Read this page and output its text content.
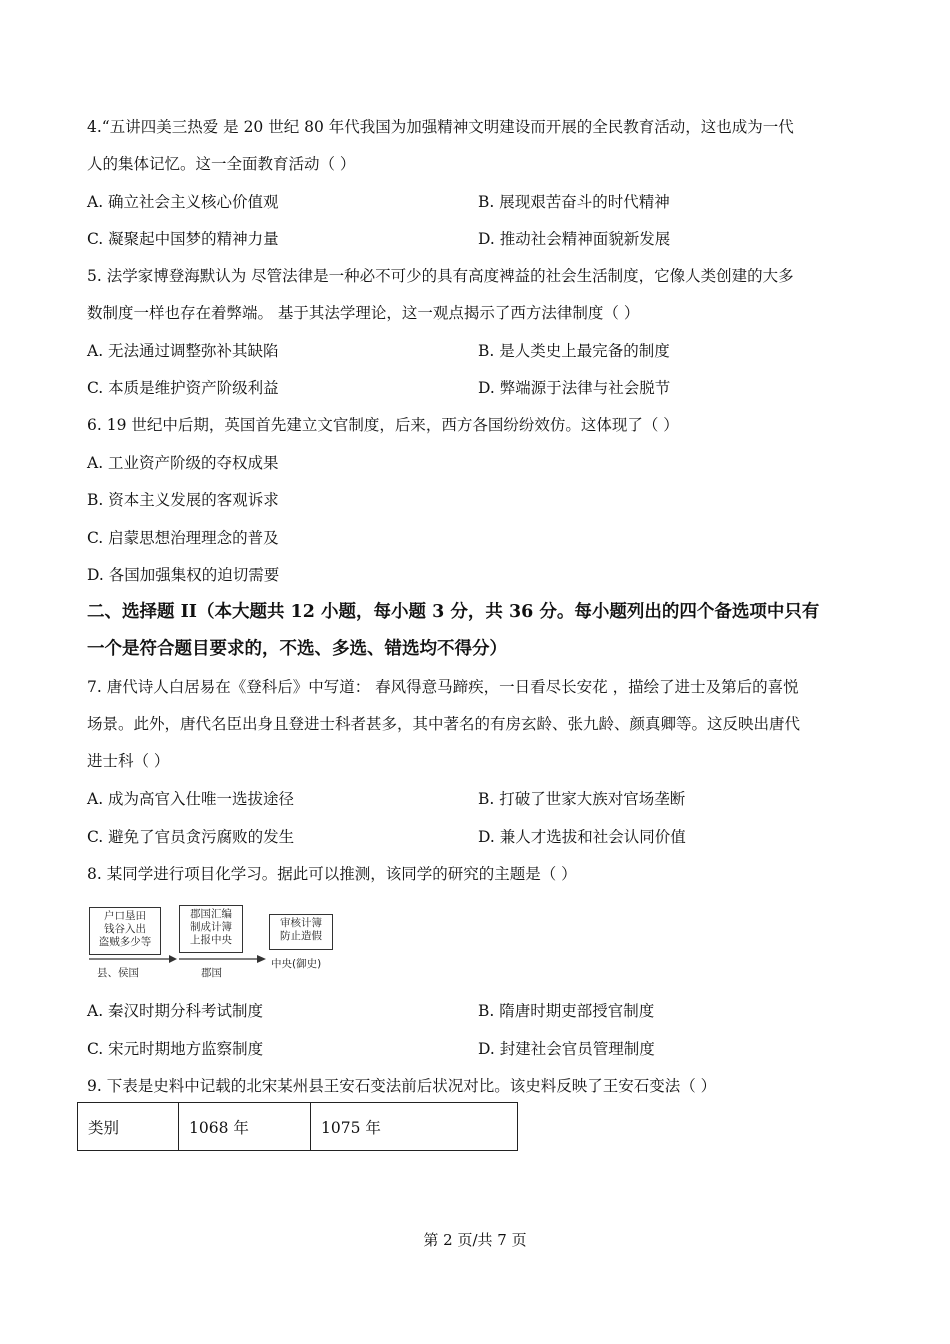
4.“五讲四美三热爱 是 20 世纪 80 年代我国为加强精神文明建设而开展的全民教育活动，这也成为一代
人的集体记忆。这一全面教育活动（ ）
A. 确立社会主义核心价值观	B. 展现艰苦奋斗的时代精神
C. 凝聚起中国梦的精神力量	D. 推动社会精神面貌新发展
5. 法学家博登海默认为 尽管法律是一种必不可少的具有高度裨益的社会生活制度，它像人类创建的大多
数制度一样也存在着弊端。 基于其法学理论，这一观点揭示了西方法律制度（ ）
A. 无法通过调整弥补其缺陷	B. 是人类史上最完备的制度
C. 本质是维护资产阶级利益	D. 弊端源于法律与社会脱节
6. 19 世纪中后期，英国首先建立文官制度，后来，西方各国纷纷效仿。这体现了（ ）
A. 工业资产阶级的夺权成果
B. 资本主义发展的客观诉求
C. 启蒙思想治理理念的普及
D. 各国加强集权的迫切需要
二、选择题 II（本大题共 12 小题，每小题 3 分，共 36 分。每小题列出的四个备选项中只有
一个是符合题目要求的，不选、多选、错选均不得分）
7. 唐代诗人白居易在《登科后》中写道： 春风得意马蹄疾，一日看尽长安花 ，描绘了进士及第后的喜悦
场景。此外，唐代名臣出身且登进士科者甚多，其中著名的有房玄龄、张九龄、颜真卿等。这反映出唐代
进士科（ ）
A. 成为高官入仕唯一选拔途径	B. 打破了世家大族对官场垄断
C. 避免了官员贪污腐败的发生	D. 兼人才选拔和社会认同价值
8. 某同学进行项目化学习。据此可以推测，该同学的研究的主题是（ ）
户口垦田
钱谷入出
盗贼多少等
郡国汇编
制成计簿
上报中央
审核计簿
防止造假
县、侯国	郡国
中央(御史)
A. 秦汉时期分科考试制度	B. 隋唐时期吏部授官制度
C. 宋元时期地方监察制度	D. 封建社会官员管理制度
9. 下表是史料中记载的北宋某州县王安石变法前后状况对比。该史料反映了王安石变法（ ）
类别	1068 年	1075 年
第 2 页/共 7 页
